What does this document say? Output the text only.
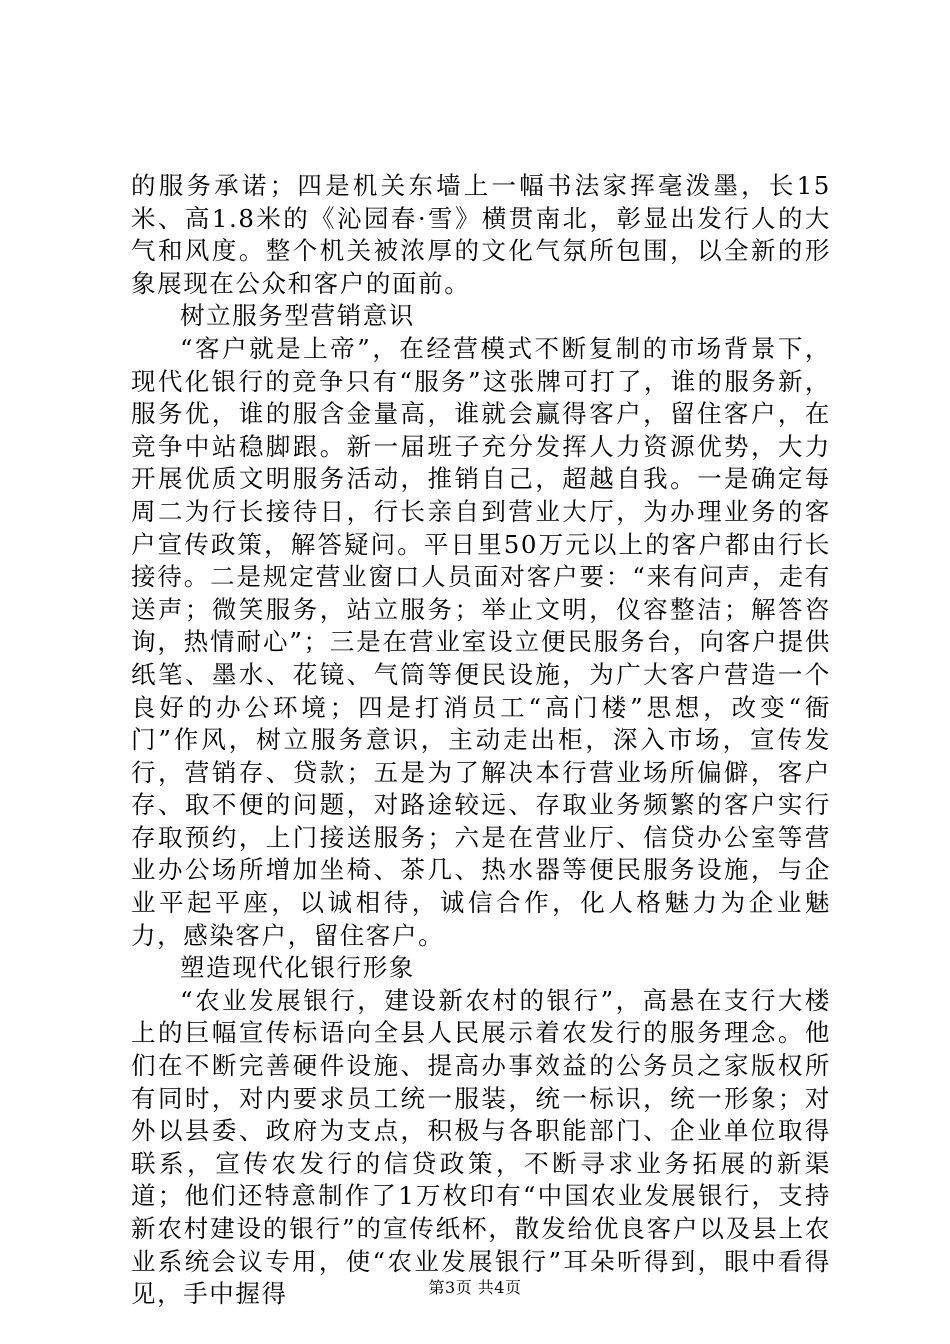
的服务承诺；四是机关东墙上一幅书法家挥毫泼墨，长15米、高1.8米的《沁园春·雪》横贯南北，彰显出发行人的大气和风度。整个机关被浓厚的文化气氛所包围，以全新的形象展现在公众和客户的面前。

树立服务型营销意识

“客户就是上帝”，在经营模式不断复制的市场背景下，现代化银行的竞争只有“服务”这张牌可打了，谁的服务新，服务优，谁的服含金量高，谁就会赢得客户，留住客户，在竞争中站稳脚跟。新一届班子充分发挥人力资源优势，大力开展优质文明服务活动，推销自己，超越自我。一是确定每周二为行长接待日，行长亲自到营业大厅，为办理业务的客户宣传政策，解答疑问。平日里50万元以上的客户都由行长接待。二是规定营业窗口人员面对客户要：“来有问声，走有送声；微笑服务，站立服务；举止文明，仪容整洁；解答咨询，热情耐心”；三是在营业室设立便民服务台，向客户提供纸笔、墨水、花镜、气筒等便民设施，为广大客户营造一个良好的办公环境；四是打消员工“高门楼”思想，改变“衙门”作风，树立服务意识，主动走出柜，深入市场，宣传发行，营销存、贷款；五是为了解决本行营业场所偏僻，客户存、取不便的问题，对路途较远、存取业务频繁的客户实行存取预约，上门接送服务；六是在营业厅、信贷办公室等营业办公场所增加坐椅、茶几、热水器等便民服务设施，与企业平起平座，以诚相待，诚信合作，化人格魅力为企业魅力，感染客户，留住客户。

塑造现代化银行形象

“农业发展银行，建设新农村的银行”，高悬在支行大楼上的巨幅宣传标语向全县人民展示着农发行的服务理念。他们在不断完善硬件设施、提高办事效益的公务员之家版权所有同时，对内要求员工统一服装，统一标识，统一形象；对外以县委、政府为支点，积极与各职能部门、企业单位取得联系，宣传农发行的信贷政策，不断寻求业务拓展的新渠道；他们还特意制作了1万枚印有“中国农业发展银行，支持新农村建设的银行”的宣传纸杯，散发给优良客户以及县上农业系统会议专用，使“农业发展银行”耳朵听得到，眼中看得见，手中握得	第3页 共4页
